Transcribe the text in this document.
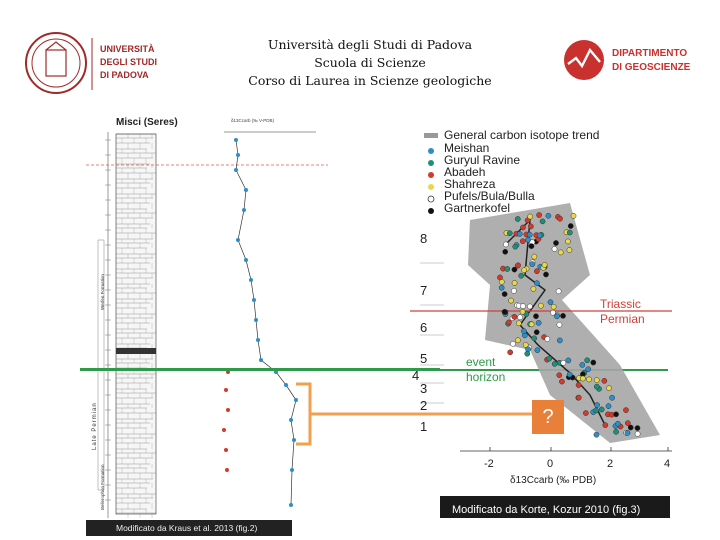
UNIVERSITÀ
DEGLI STUDI
DI PADOVA
Università degli Studi di Padova
Scuola di Scienze
Corso di Laurea in Scienze geologiche
DIPARTIMENTO
DI GEOSCIENZE
Misci (Seres)
Werfen Formation
Bellerophon Formation
Late Permian
δ13Ccarb (‰ V-PDB)
General carbon isotope trend
Meishan
Guryul Ravine
Abadeh
Shahreza
Pufels/Bula/Bulla
Gartnerkofel
8
7
6
5
4
3
2
1
Triassic
Permian
event
horizon
-2	0	2	4
δ13Ccarb (‰ PDB)
?
Modificato da Korte, Kozur 2010 (fig.3)
Modificato da Kraus et al. 2013 (fig.2)
